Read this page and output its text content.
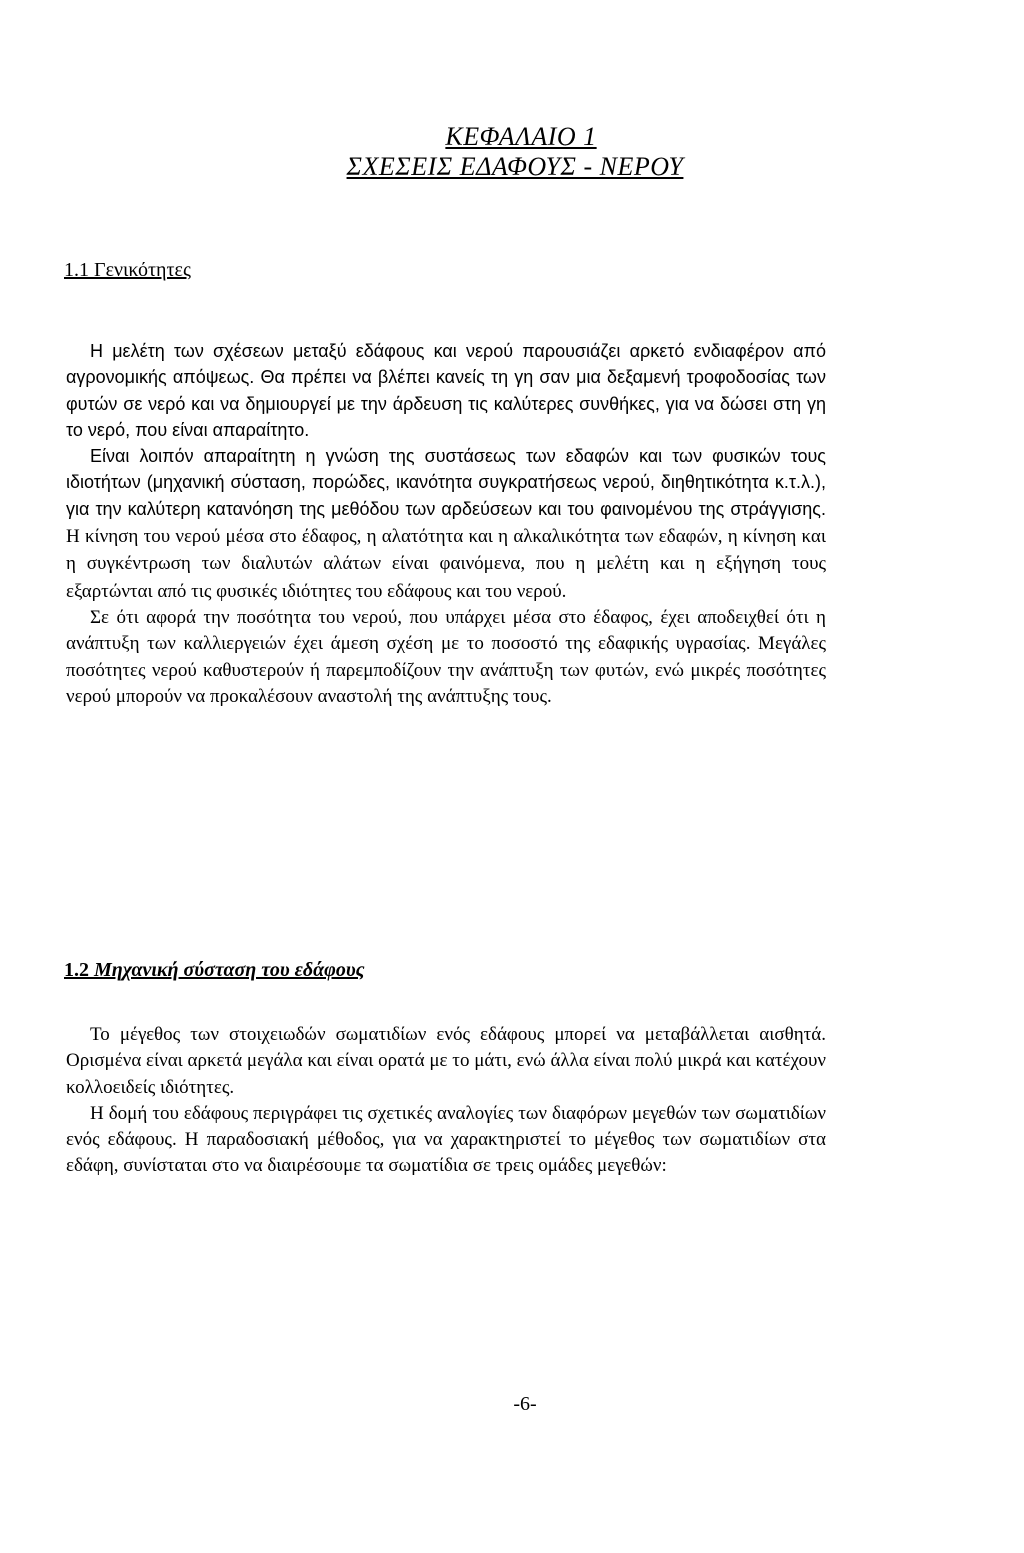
ΚΕΦΑΛΑΙΟ 1
ΣΧΕΣΕΙΣ ΕΔΑΦΟΥΣ - ΝΕΡΟΥ
1.1 Γενικότητες
Η μελέτη των σχέσεων μεταξύ εδάφους και νερού παρουσιάζει αρκετό ενδιαφέρον από αγρονομικής απόψεως. Θα πρέπει να βλέπει κανείς τη γη σαν μια δεξαμενή τροφοδοσίας των φυτών σε νερό και να δημιουργεί με την άρδευση τις καλύτερες συνθήκες, για να δώσει στη γη το νερό, που είναι απαραίτητο.
Είναι λοιπόν απαραίτητη η γνώση της συστάσεως των εδαφών και των φυσικών τους ιδιοτήτων (μηχανική σύσταση, πορώδες, ικανότητα συγκρατήσεως νερού, διηθητικότητα κ.τ.λ.), για την καλύτερη κατανόηση της μεθόδου των αρδεύσεων και του φαινομένου της στράγγισης. Η κίνηση του νερού μέσα στο έδαφος, η αλατότητα και η αλκαλικότητα των εδαφών, η κίνηση και η συγκέντρωση των διαλυτών αλάτων είναι φαινόμενα, που η μελέτη και η εξήγηση τους εξαρτώνται από τις φυσικές ιδιότητες του εδάφους και του νερού.
Σε ότι αφορά την ποσότητα του νερού, που υπάρχει μέσα στο έδαφος, έχει αποδειχθεί ότι η ανάπτυξη των καλλιεργειών έχει άμεση σχέση με το ποσοστό της εδαφικής υγρασίας. Μεγάλες ποσότητες νερού καθυστερούν ή παρεμποδίζουν την ανάπτυξη των φυτών, ενώ μικρές ποσότητες νερού μπορούν να προκαλέσουν αναστολή της ανάπτυξης τους.
1.2 Μηχανική σύσταση του εδάφους
Το μέγεθος των στοιχειωδών σωματιδίων ενός εδάφους μπορεί να μεταβάλλεται αισθητά. Ορισμένα είναι αρκετά μεγάλα και είναι ορατά με το μάτι, ενώ άλλα είναι πολύ μικρά και κατέχουν κολλοειδείς ιδιότητες.
Η δομή του εδάφους περιγράφει τις σχετικές αναλογίες των διαφόρων μεγεθών των σωματιδίων ενός εδάφους. Η παραδοσιακή μέθοδος, για να χαρακτηριστεί το μέγεθος των σωματιδίων στα εδάφη, συνίσταται στο να διαιρέσουμε τα σωματίδια σε τρεις ομάδες μεγεθών:
-6-
